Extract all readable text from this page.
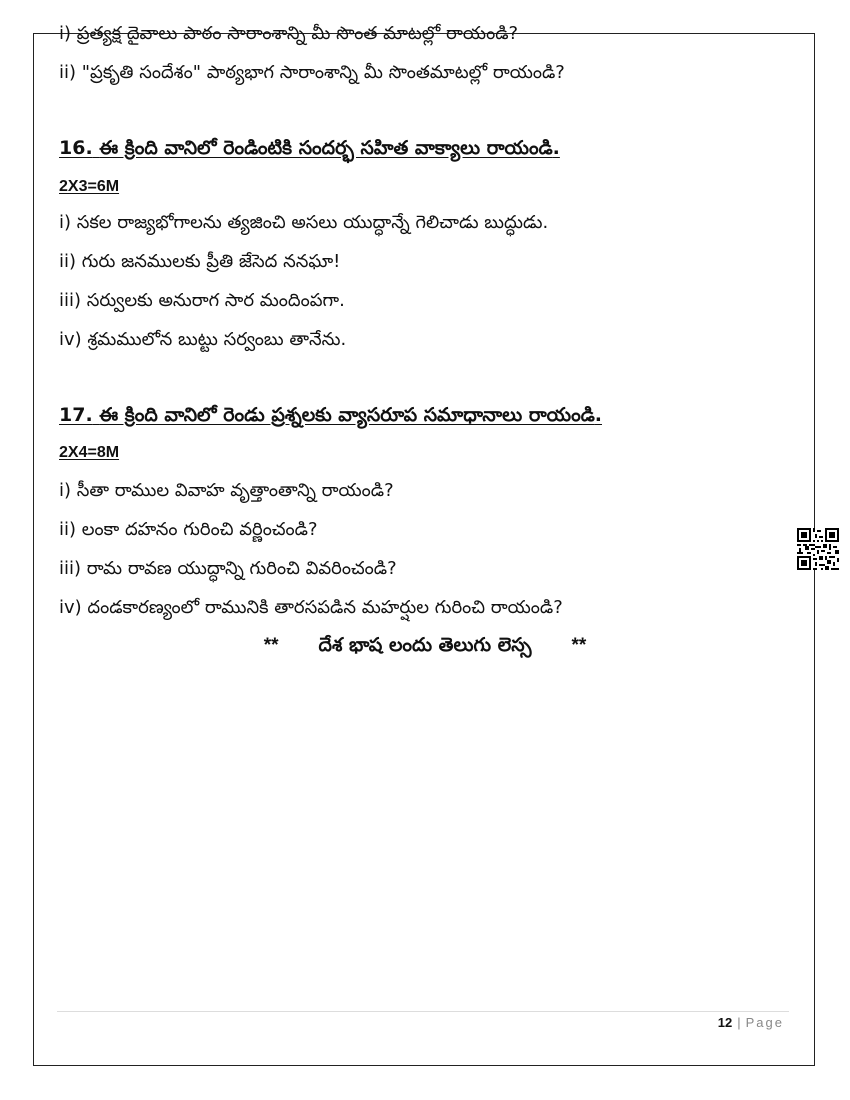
i) ప్రత్యక్ష దైవాలు పాఠం సారాంశాన్ని మీ సొంత మాటల్లో రాయండి?
ii) "ప్రకృతి సందేశం" పాఠ్యభాగ సారాంశాన్ని మీ సొంతమాటల్లో రాయండి?
16. ఈ క్రింది వానిలో రెండింటికి సందర్భ సహిత వాక్యాలు రాయండి.
2X3=6M
i) సకల రాజ్యభోగాలను త్యజించి అసలు యుద్ధాన్నే గెలిచాడు బుద్ధుడు.
ii) గురు జనములకు ప్రీతి జేసెద ననఘా!
iii) సర్వులకు అనురాగ సార మందింపగా.
iv) శ్రమములోన బుట్టు సర్వంబు తానేను.
17. ఈ క్రింది వానిలో రెండు ప్రశ్నలకు వ్యాసరూప సమాధానాలు రాయండి.
2X4=8M
i) సీతా రాముల వివాహ వృత్తాంతాన్ని రాయండి?
ii) లంకా దహనం గురించి వర్ణించండి?
iii) రామ రావణ యుద్ధాన్ని గురించి వివరించండి?
iv) దండకారణ్యంలో రామునికి తారసపడిన మహర్షుల గురించి రాయండి?
** దేశ భాష లందు తెలుగు లెస్స **
12 | Page
